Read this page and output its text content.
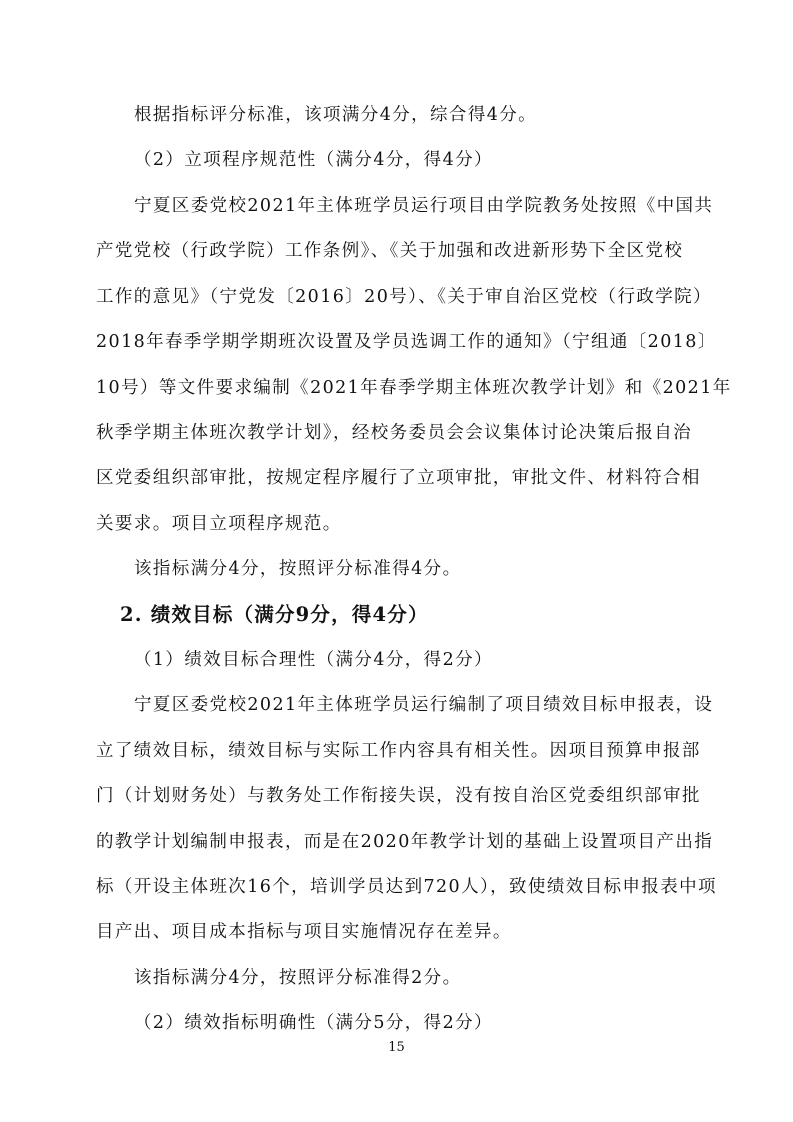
根据指标评分标准，该项满分4分，综合得4分。
（2）立项程序规范性（满分4分，得4分）
宁夏区委党校2021年主体班学员运行项目由学院教务处按照《中国共
产党党校（行政学院）工作条例》、《关于加强和改进新形势下全区党校
工作的意见》（宁党发〔2016〕20号）、《关于审自治区党校（行政学院）
2018年春季学期学期班次设置及学员选调工作的通知》（宁组通〔2018〕
10号）等文件要求编制《2021年春季学期主体班次教学计划》和《2021年
秋季学期主体班次教学计划》，经校务委员会会议集体讨论决策后报自治
区党委组织部审批，按规定程序履行了立项审批，审批文件、材料符合相
关要求。项目立项程序规范。
该指标满分4分，按照评分标准得4分。
2. 绩效目标（满分9分，得4分）
（1）绩效目标合理性（满分4分，得2分）
宁夏区委党校2021年主体班学员运行编制了项目绩效目标申报表，设
立了绩效目标，绩效目标与实际工作内容具有相关性。因项目预算申报部
门（计划财务处）与教务处工作衔接失误，没有按自治区党委组织部审批
的教学计划编制申报表，而是在2020年教学计划的基础上设置项目产出指
标（开设主体班次16个，培训学员达到720人），致使绩效目标申报表中项
目产出、项目成本指标与项目实施情况存在差异。
该指标满分4分，按照评分标准得2分。
（2）绩效指标明确性（满分5分，得2分）
15
